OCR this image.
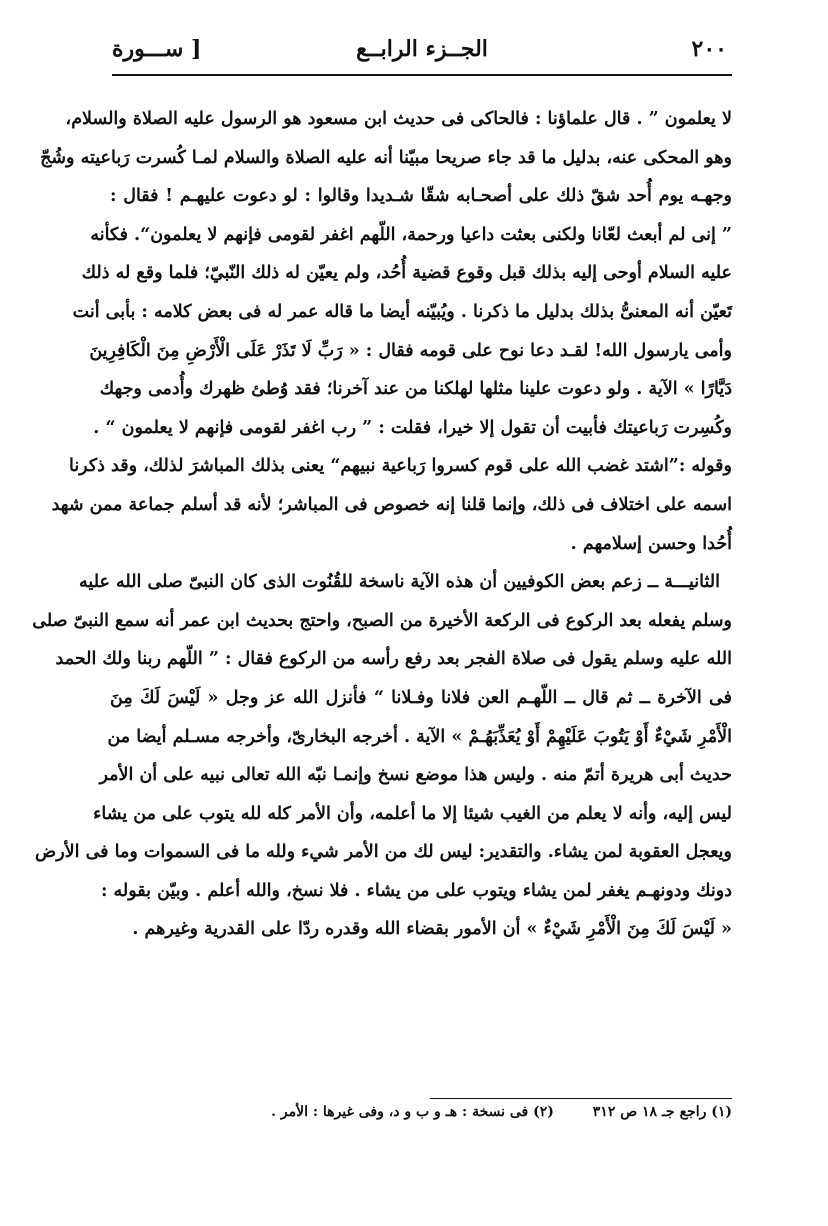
٢٠٠
الجــزء الرابــع
[ ســـورة
لا يعلمون ” . قال علماؤنا : فالحاكى فى حديث ابن مسعود هو الرسول عليه الصلاة والسلام،
وهو المحكى عنه، بدليل ما قد جاء صريحا مبيّنا أنه عليه الصلاة والسلام لمـا كُسرت رَباعيته وشُجّ
وجهـه يوم أُحد شقّ ذلك على أصحـابه شقّا شـديدا وقالوا : لو دعوت عليهـم ! فقال :
” إنى لم أبعث لعّانا ولكنى بعثت داعيا ورحمة، اللّهم اغفر لقومى فإنهم لا يعلمون“. فكأنه
عليه السلام أوحى إليه بذلك قبل وقوع قضية أُحُد، ولم يعيّن له ذلك النّبيّ؛ فلما وقع له ذلك
تَعيّن أنه المعنىُّ بذلك بدليل ما ذكرنا . ويُبيّنه أيضا ما قاله عمر له فى بعض كلامه : بأبى أنت
وأمى يارسول الله! لقـد دعا نوح على قومه فقال : « رَبِّ لَا تَذَرْ عَلَى الْأَرْضِ مِنَ الْكَافِرِينَ
دَيَّارًا » الآية . ولو دعوت علينا مثلها لهلكنا من عند آخرنا؛ فقد وُطئ ظهرك وأُدمى وجهك
وكُسِرت رَباعيتك فأبيت أن تقول إلا خيرا، فقلت : ” رب اغفر لقومى فإنهم لا يعلمون “ .
وقوله :”اشتد غضب الله على قوم كسروا رَباعية نبيهم“ يعنى بذلك المباشرَ لذلك، وقد ذكرنا
اسمه على اختلاف فى ذلك، وإنما قلنا إنه خصوص فى المباشر؛ لأنه قد أسلم جماعة ممن شهد
أُحُدا وحسن إسلامهم .
الثانيـــة ــ زعم بعض الكوفيين أن هذه الآية ناسخة للقُنُوت الذى كان النبىّ صلى الله عليه
وسلم يفعله بعد الركوع فى الركعة الأخيرة من الصبح، واحتج بحديث ابن عمر أنه سمع النبىّ صلى
الله عليه وسلم يقول فى صلاة الفجر بعد رفع رأسه من الركوع فقال : ” اللّهم ربنا ولك الحمد
فى الآخرة ــ ثم قال ــ اللّهـم العن فلانا وفـلانا “ فأنزل الله عز وجل « لَيْسَ لَكَ مِنَ
الْأَمْرِ شَيْءٌ أَوْ يَتُوبَ عَلَيْهِمْ أَوْ يُعَذِّبَهُـمْ » الآية . أخرجه البخارىّ، وأخرجه مسـلم أيضا من
حديث أبى هريرة أتمّ منه . وليس هذا موضع نسخ وإنمـا نبّه الله تعالى نبيه على أن الأمر
ليس إليه، وأنه لا يعلم من الغيب شيئا إلا ما أعلمه، وأن الأمر كله لله يتوب على من يشاء
ويعجل العقوبة لمن يشاء. والتقدير: ليس لك من الأمر شيء ولله ما فى السموات وما فى الأرض
دونك ودونهـم يغفر لمن يشاء ويتوب على من يشاء . فلا نسخ، والله أعلم . وبيّن بقوله :
« لَيْسَ لَكَ مِنَ الْأَمْرِ شَيْءٌ » أن الأمور بقضاء الله وقدره ردّا على القدرية وغيرهم .
(١) راجع جـ ١٨ ص ٣١٢ (٢) فى نسخة : هـ و ب و د، وفى غيرها : الأمر .
